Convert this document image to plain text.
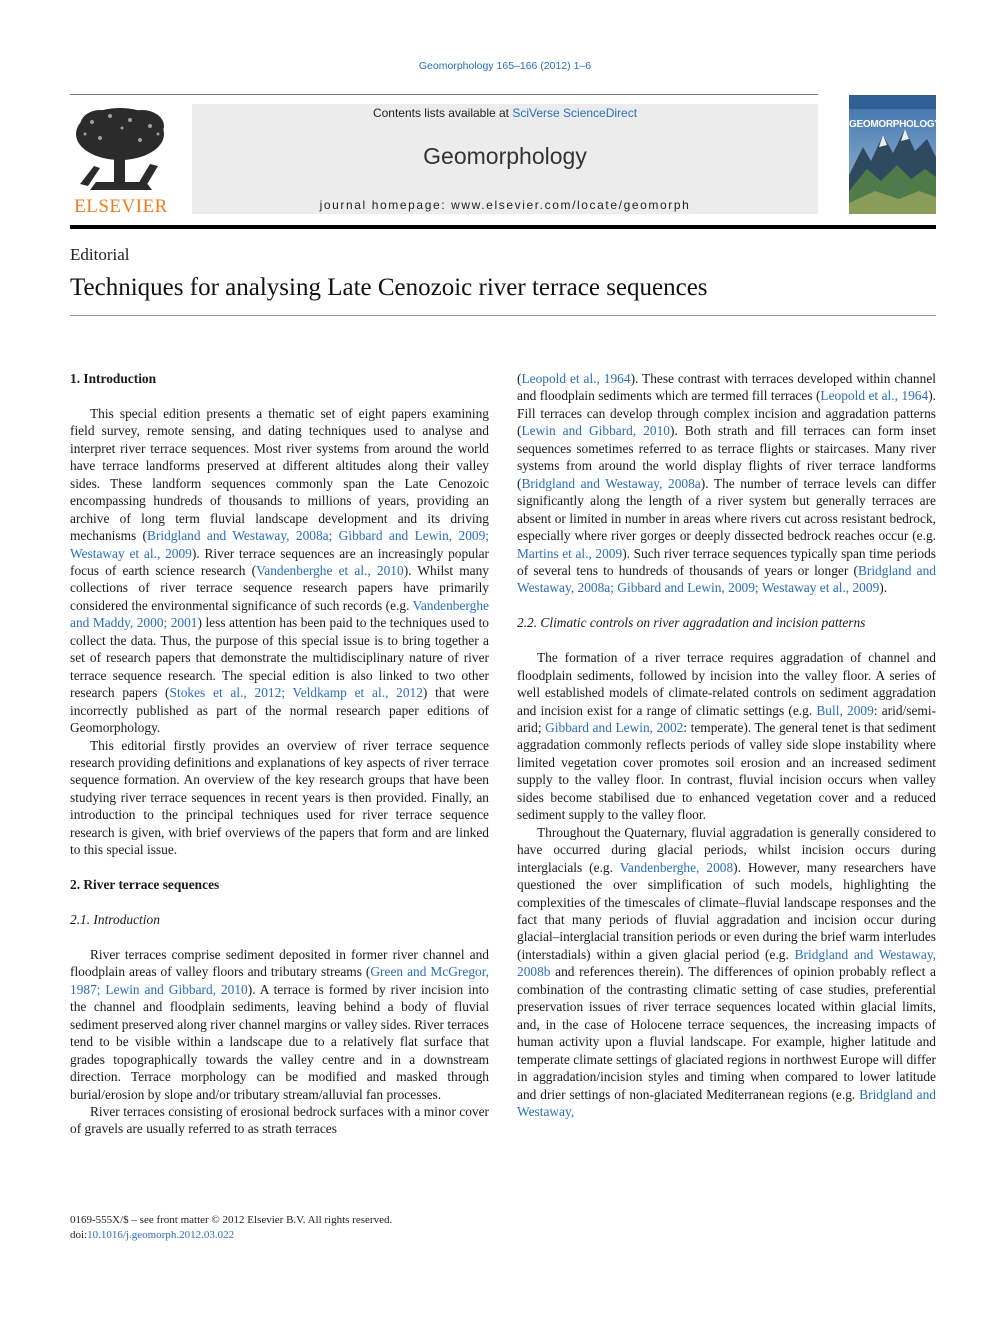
Geomorphology 165–166 (2012) 1–6
ELSEVIER
Contents lists available at SciVerse ScienceDirect
Geomorphology
journal homepage: www.elsevier.com/locate/geomorph
GEOMORPHOLOGY
Editorial
Techniques for analysing Late Cenozoic river terrace sequences
1. Introduction

This special edition presents a thematic set of eight papers examining field survey, remote sensing, and dating techniques used to analyse and interpret river terrace sequences. Most river systems from around the world have terrace landforms preserved at different altitudes along their valley sides. These landform sequences commonly span the Late Cenozoic encompassing hundreds of thousands to millions of years, providing an archive of long term fluvial landscape development and its driving mechanisms (Bridgland and Westaway, 2008a; Gibbard and Lewin, 2009; Westaway et al., 2009). River terrace sequences are an increasingly popular focus of earth science research (Vandenberghe et al., 2010). Whilst many collections of river terrace sequence research papers have primarily considered the environmental significance of such records (e.g. Vandenberghe and Maddy, 2000; 2001) less attention has been paid to the techniques used to collect the data. Thus, the purpose of this special issue is to bring together a set of research papers that demonstrate the multidisciplinary nature of river terrace sequence research. The special edition is also linked to two other research papers (Stokes et al., 2012; Veldkamp et al., 2012) that were incorrectly published as part of the normal research paper editions of Geomorphology.

This editorial firstly provides an overview of river terrace sequence research providing definitions and explanations of key aspects of river terrace sequence formation. An overview of the key research groups that have been studying river terrace sequences in recent years is then provided. Finally, an introduction to the principal techniques used for river terrace sequence research is given, with brief overviews of the papers that form and are linked to this special issue.

2. River terrace sequences
2.1. Introduction

River terraces comprise sediment deposited in former river channel and floodplain areas of valley floors and tributary streams (Green and McGregor, 1987; Lewin and Gibbard, 2010). A terrace is formed by river incision into the channel and floodplain sediments, leaving behind a body of fluvial sediment preserved along river channel margins or valley sides. River terraces tend to be visible within a landscape due to a relatively flat surface that grades topographically towards the valley centre and in a downstream direction. Terrace morphology can be modified and masked through burial/erosion by slope and/or tributary stream/alluvial fan processes.

River terraces consisting of erosional bedrock surfaces with a minor cover of gravels are usually referred to as strath terraces

(Leopold et al., 1964). These contrast with terraces developed within channel and floodplain sediments which are termed fill terraces (Leopold et al., 1964). Fill terraces can develop through complex incision and aggradation patterns (Lewin and Gibbard, 2010). Both strath and fill terraces can form inset sequences sometimes referred to as terrace flights or staircases. Many river systems from around the world display flights of river terrace landforms (Bridgland and Westaway, 2008a). The number of terrace levels can differ significantly along the length of a river system but generally terraces are absent or limited in number in areas where rivers cut across resistant bedrock, especially where river gorges or deeply dissected bedrock reaches occur (e.g. Martins et al., 2009). Such river terrace sequences typically span time periods of several tens to hundreds of thousands of years or longer (Bridgland and Westaway, 2008a; Gibbard and Lewin, 2009; Westaway et al., 2009).

2.2. Climatic controls on river aggradation and incision patterns

The formation of a river terrace requires aggradation of channel and floodplain sediments, followed by incision into the valley floor. A series of well established models of climate-related controls on sediment aggradation and incision exist for a range of climatic settings (e.g. Bull, 2009: arid/semi-arid; Gibbard and Lewin, 2002: temperate). The general tenet is that sediment aggradation commonly reflects periods of valley side slope instability where limited vegetation cover promotes soil erosion and an increased sediment supply to the valley floor. In contrast, fluvial incision occurs when valley sides become stabilised due to enhanced vegetation cover and a reduced sediment supply to the valley floor.

Throughout the Quaternary, fluvial aggradation is generally considered to have occurred during glacial periods, whilst incision occurs during interglacials (e.g. Vandenberghe, 2008). However, many researchers have questioned the over simplification of such models, highlighting the complexities of the timescales of climate–fluvial landscape responses and the fact that many periods of fluvial aggradation and incision occur during glacial–interglacial transition periods or even during the brief warm interludes (interstadials) within a given glacial period (e.g. Bridgland and Westaway, 2008b and references therein). The differences of opinion probably reflect a combination of the contrasting climatic setting of case studies, preferential preservation issues of river terrace sequences located within glacial limits, and, in the case of Holocene terrace sequences, the increasing impacts of human activity upon a fluvial landscape. For example, higher latitude and temperate climate settings of glaciated regions in northwest Europe will differ in aggradation/incision styles and timing when compared to lower latitude and drier settings of non-glaciated Mediterranean regions (e.g. Bridgland and Westaway,

0169-555X/$ – see front matter © 2012 Elsevier B.V. All rights reserved.
doi:10.1016/j.geomorph.2012.03.022
